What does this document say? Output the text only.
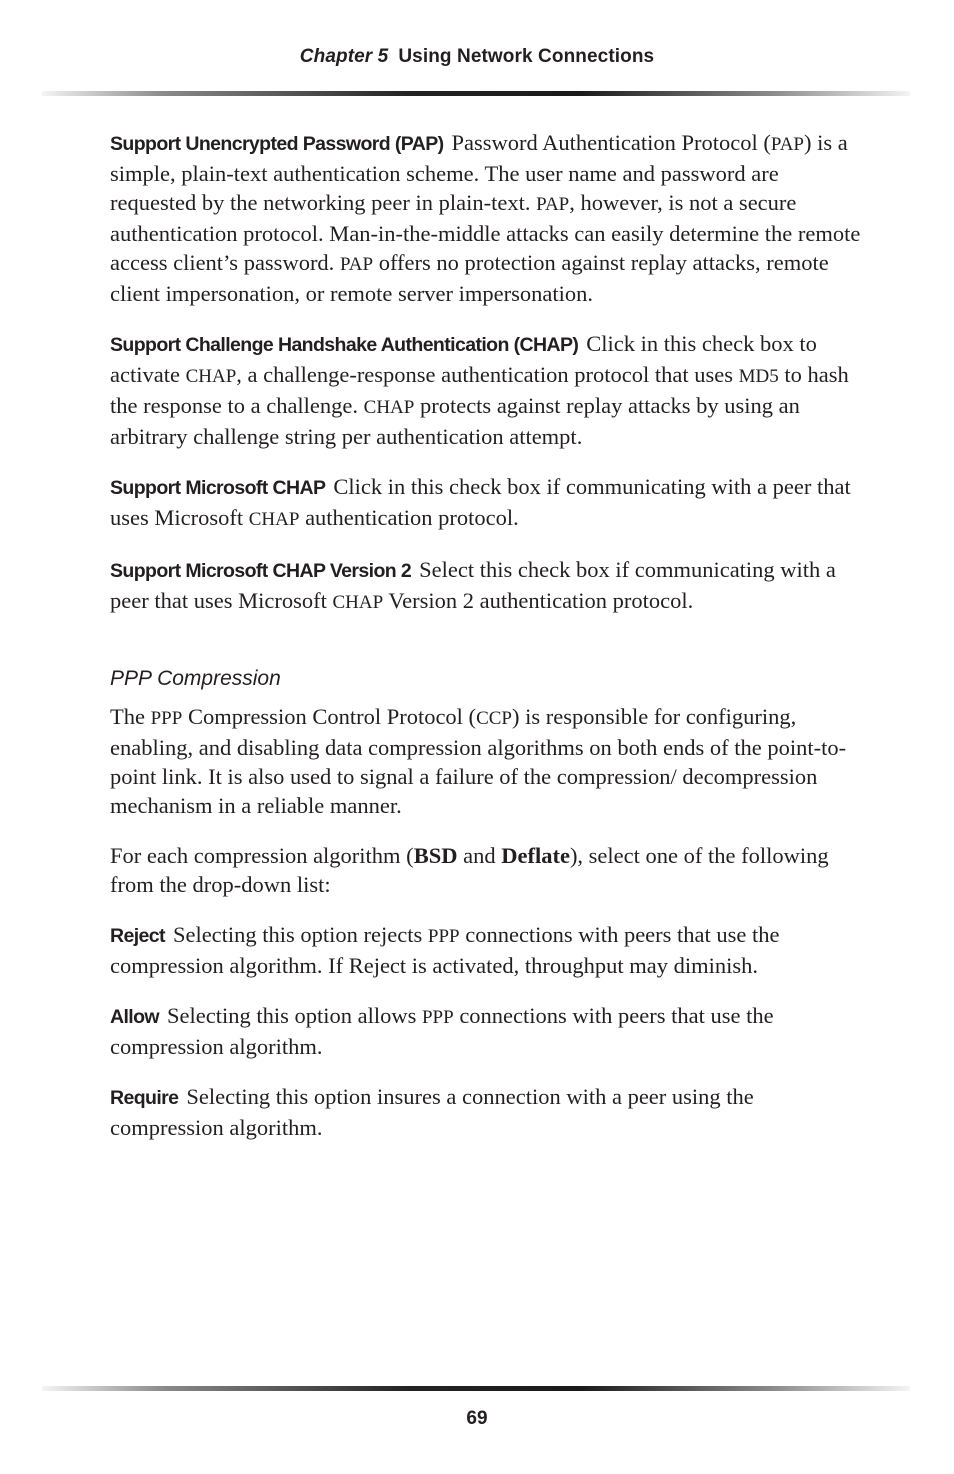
Chapter 5 Using Network Connections

Support Unencrypted Password (PAP) Password Authentication Protocol (PAP) is a simple, plain-text authentication scheme. The user name and password are requested by the networking peer in plain-text. PAP, however, is not a secure authentication protocol. Man-in-the-middle attacks can easily determine the remote access client’s password. PAP offers no protection against replay attacks, remote client impersonation, or remote server impersonation.

Support Challenge Handshake Authentication (CHAP) Click in this check box to activate CHAP, a challenge-response authentication protocol that uses MD5 to hash the response to a challenge. CHAP protects against replay attacks by using an arbitrary challenge string per authentication attempt.

Support Microsoft CHAP Click in this check box if communicating with a peer that uses Microsoft CHAP authentication protocol.

Support Microsoft CHAP Version 2 Select this check box if communicating with a peer that uses Microsoft CHAP Version 2 authentication protocol.

PPP Compression

The PPP Compression Control Protocol (CCP) is responsible for configuring, enabling, and disabling data compression algorithms on both ends of the point-to-point link. It is also used to signal a failure of the compression/ decompression mechanism in a reliable manner.

For each compression algorithm (BSD and Deflate), select one of the following from the drop-down list:

Reject Selecting this option rejects PPP connections with peers that use the compression algorithm. If Reject is activated, throughput may diminish.

Allow Selecting this option allows PPP connections with peers that use the compression algorithm.

Require Selecting this option insures a connection with a peer using the compression algorithm.

69
